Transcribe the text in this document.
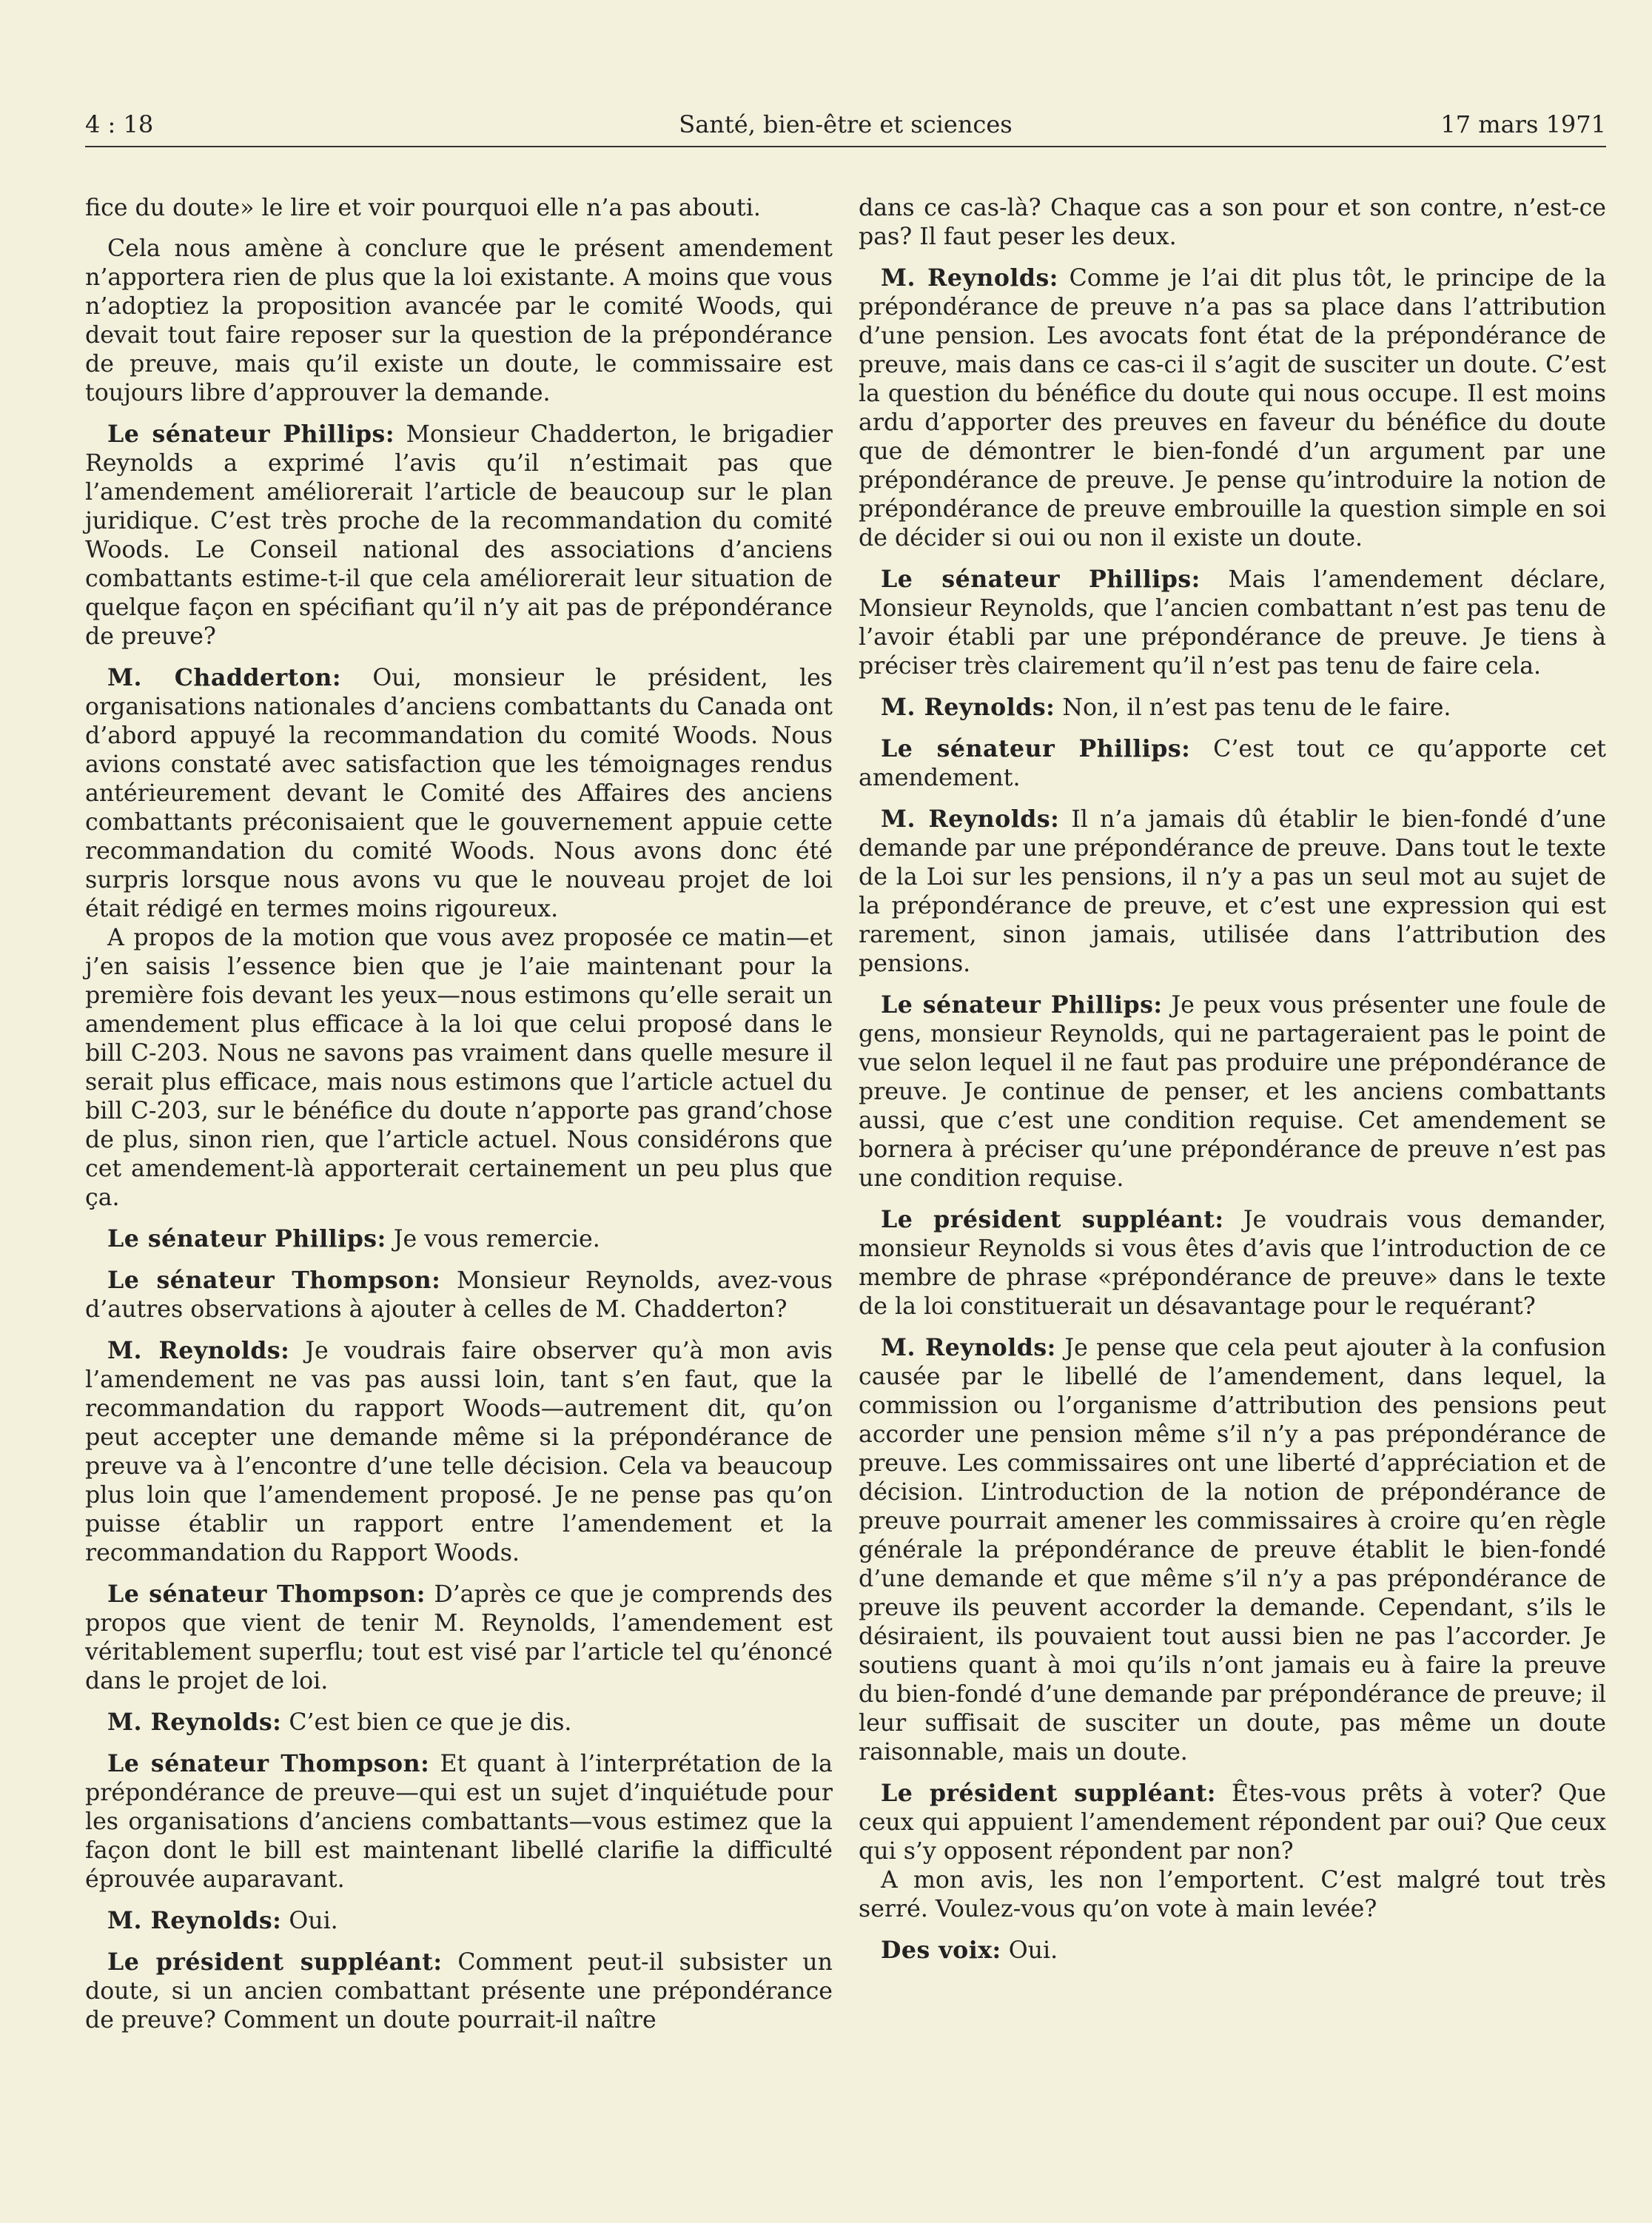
4 : 18	Santé, bien-être et sciences	17 mars 1971

fice du doute» le lire et voir pourquoi elle n’a pas abouti.

Cela nous amène à conclure que le présent amendement n’apportera rien de plus que la loi existante. A moins que vous n’adoptiez la proposition avancée par le comité Woods, qui devait tout faire reposer sur la question de la prépondérance de preuve, mais qu’il existe un doute, le commissaire est toujours libre d’approuver la demande.

Le sénateur Phillips: Monsieur Chadderton, le brigadier Reynolds a exprimé l’avis qu’il n’estimait pas que l’amendement améliorerait l’article de beaucoup sur le plan juridique. C’est très proche de la recommandation du comité Woods. Le Conseil national des associations d’anciens combattants estime-t-il que cela améliorerait leur situation de quelque façon en spécifiant qu’il n’y ait pas de prépondérance de preuve?

M. Chadderton: Oui, monsieur le président, les organisations nationales d’anciens combattants du Canada ont d’abord appuyé la recommandation du comité Woods. Nous avions constaté avec satisfaction que les témoignages rendus antérieurement devant le Comité des Affaires des anciens combattants préconisaient que le gouvernement appuie cette recommandation du comité Woods. Nous avons donc été surpris lorsque nous avons vu que le nouveau projet de loi était rédigé en termes moins rigoureux.

A propos de la motion que vous avez proposée ce matin—et j’en saisis l’essence bien que je l’aie maintenant pour la première fois devant les yeux—nous estimons qu’elle serait un amendement plus efficace à la loi que celui proposé dans le bill C-203. Nous ne savons pas vraiment dans quelle mesure il serait plus efficace, mais nous estimons que l’article actuel du bill C-203, sur le bénéfice du doute n’apporte pas grand’chose de plus, sinon rien, que l’article actuel. Nous considérons que cet amendement-là apporterait certainement un peu plus que ça.

Le sénateur Phillips: Je vous remercie.

Le sénateur Thompson: Monsieur Reynolds, avez-vous d’autres observations à ajouter à celles de M. Chadderton?

M. Reynolds: Je voudrais faire observer qu’à mon avis l’amendement ne vas pas aussi loin, tant s’en faut, que la recommandation du rapport Woods—autrement dit, qu’on peut accepter une demande même si la prépondérance de preuve va à l’encontre d’une telle décision. Cela va beaucoup plus loin que l’amendement proposé. Je ne pense pas qu’on puisse établir un rapport entre l’amendement et la recommandation du Rapport Woods.

Le sénateur Thompson: D’après ce que je comprends des propos que vient de tenir M. Reynolds, l’amendement est véritablement superflu; tout est visé par l’article tel qu’énoncé dans le projet de loi.

M. Reynolds: C’est bien ce que je dis.

Le sénateur Thompson: Et quant à l’interprétation de la prépondérance de preuve—qui est un sujet d’inquiétude pour les organisations d’anciens combattants—vous estimez que la façon dont le bill est maintenant libellé clarifie la difficulté éprouvée auparavant.

M. Reynolds: Oui.

Le président suppléant: Comment peut-il subsister un doute, si un ancien combattant présente une prépondérance de preuve? Comment un doute pourrait-il naître

dans ce cas-là? Chaque cas a son pour et son contre, n’est-ce pas? Il faut peser les deux.

M. Reynolds: Comme je l’ai dit plus tôt, le principe de la prépondérance de preuve n’a pas sa place dans l’attribution d’une pension. Les avocats font état de la prépondérance de preuve, mais dans ce cas-ci il s’agit de susciter un doute. C’est la question du bénéfice du doute qui nous occupe. Il est moins ardu d’apporter des preuves en faveur du bénéfice du doute que de démontrer le bien-fondé d’un argument par une prépondérance de preuve. Je pense qu’introduire la notion de prépondérance de preuve embrouille la question simple en soi de décider si oui ou non il existe un doute.

Le sénateur Phillips: Mais l’amendement déclare, Monsieur Reynolds, que l’ancien combattant n’est pas tenu de l’avoir établi par une prépondérance de preuve. Je tiens à préciser très clairement qu’il n’est pas tenu de faire cela.

M. Reynolds: Non, il n’est pas tenu de le faire.

Le sénateur Phillips: C’est tout ce qu’apporte cet amendement.

M. Reynolds: Il n’a jamais dû établir le bien-fondé d’une demande par une prépondérance de preuve. Dans tout le texte de la Loi sur les pensions, il n’y a pas un seul mot au sujet de la prépondérance de preuve, et c’est une expression qui est rarement, sinon jamais, utilisée dans l’attribution des pensions.

Le sénateur Phillips: Je peux vous présenter une foule de gens, monsieur Reynolds, qui ne partageraient pas le point de vue selon lequel il ne faut pas produire une prépondérance de preuve. Je continue de penser, et les anciens combattants aussi, que c’est une condition requise. Cet amendement se bornera à préciser qu’une prépondérance de preuve n’est pas une condition requise.

Le président suppléant: Je voudrais vous demander, monsieur Reynolds si vous êtes d’avis que l’introduction de ce membre de phrase «prépondérance de preuve» dans le texte de la loi constituerait un désavantage pour le requérant?

M. Reynolds: Je pense que cela peut ajouter à la confusion causée par le libellé de l’amendement, dans lequel, la commission ou l’organisme d’attribution des pensions peut accorder une pension même s’il n’y a pas prépondérance de preuve. Les commissaires ont une liberté d’appréciation et de décision. L’introduction de la notion de prépondérance de preuve pourrait amener les commissaires à croire qu’en règle générale la prépondérance de preuve établit le bien-fondé d’une demande et que même s’il n’y a pas prépondérance de preuve ils peuvent accorder la demande. Cependant, s’ils le désiraient, ils pouvaient tout aussi bien ne pas l’accorder. Je soutiens quant à moi qu’ils n’ont jamais eu à faire la preuve du bien-fondé d’une demande par prépondérance de preuve; il leur suffisait de susciter un doute, pas même un doute raisonnable, mais un doute.

Le président suppléant: Êtes-vous prêts à voter? Que ceux qui appuient l’amendement répondent par oui? Que ceux qui s’y opposent répondent par non?

A mon avis, les non l’emportent. C’est malgré tout très serré. Voulez-vous qu’on vote à main levée?

Des voix: Oui.
